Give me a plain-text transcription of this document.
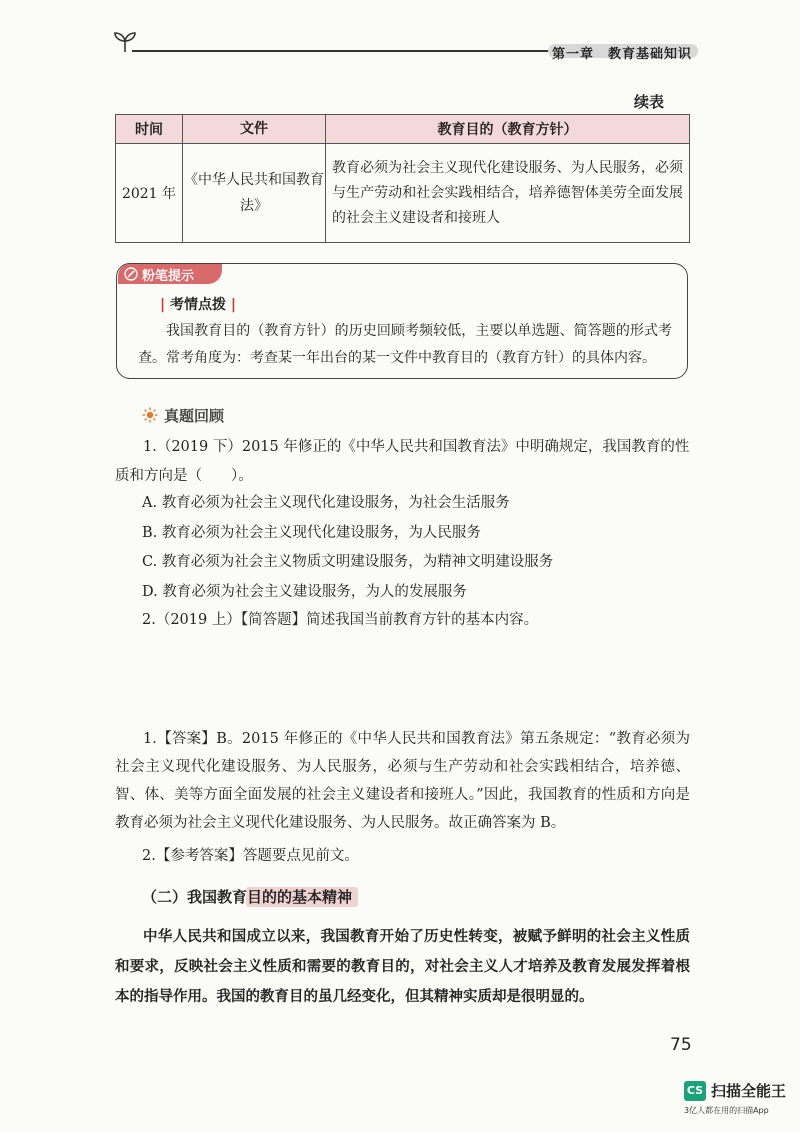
第一章　教育基础知识
续表
时间	文件	教育目的（教育方针）
2021 年	《中华人民共和国教育法》	教育必须为社会主义现代化建设服务、为人民服务，必须与生产劳动和社会实践相结合，培养德智体美劳全面发展的社会主义建设者和接班人
粉笔提示
| 考情点拨 |
我国教育目的（教育方针）的历史回顾考频较低，主要以单选题、简答题的形式考查。常考角度为：考查某一年出台的某一文件中教育目的（教育方针）的具体内容。
真题回顾
1.（2019 下）2015 年修正的《中华人民共和国教育法》中明确规定，我国教育的性质和方向是（　　）。
A. 教育必须为社会主义现代化建设服务，为社会生活服务
B. 教育必须为社会主义现代化建设服务，为人民服务
C. 教育必须为社会主义物质文明建设服务，为精神文明建设服务
D. 教育必须为社会主义建设服务，为人的发展服务
2.（2019 上）【简答题】简述我国当前教育方针的基本内容。
1.【答案】B。2015 年修正的《中华人民共和国教育法》第五条规定：“教育必须为社会主义现代化建设服务、为人民服务，必须与生产劳动和社会实践相结合，培养德、智、体、美等方面全面发展的社会主义建设者和接班人。”因此，我国教育的性质和方向是教育必须为社会主义现代化建设服务、为人民服务。故正确答案为 B。
2.【参考答案】答题要点见前文。
（二）我国教育目的的基本精神
中华人民共和国成立以来，我国教育开始了历史性转变，被赋予鲜明的社会主义性质和要求，反映社会主义性质和需要的教育目的，对社会主义人才培养及教育发展发挥着根本的指导作用。我国的教育目的虽几经变化，但其精神实质却是很明显的。
75
CS 扫描全能王
3亿人都在用的扫描App
